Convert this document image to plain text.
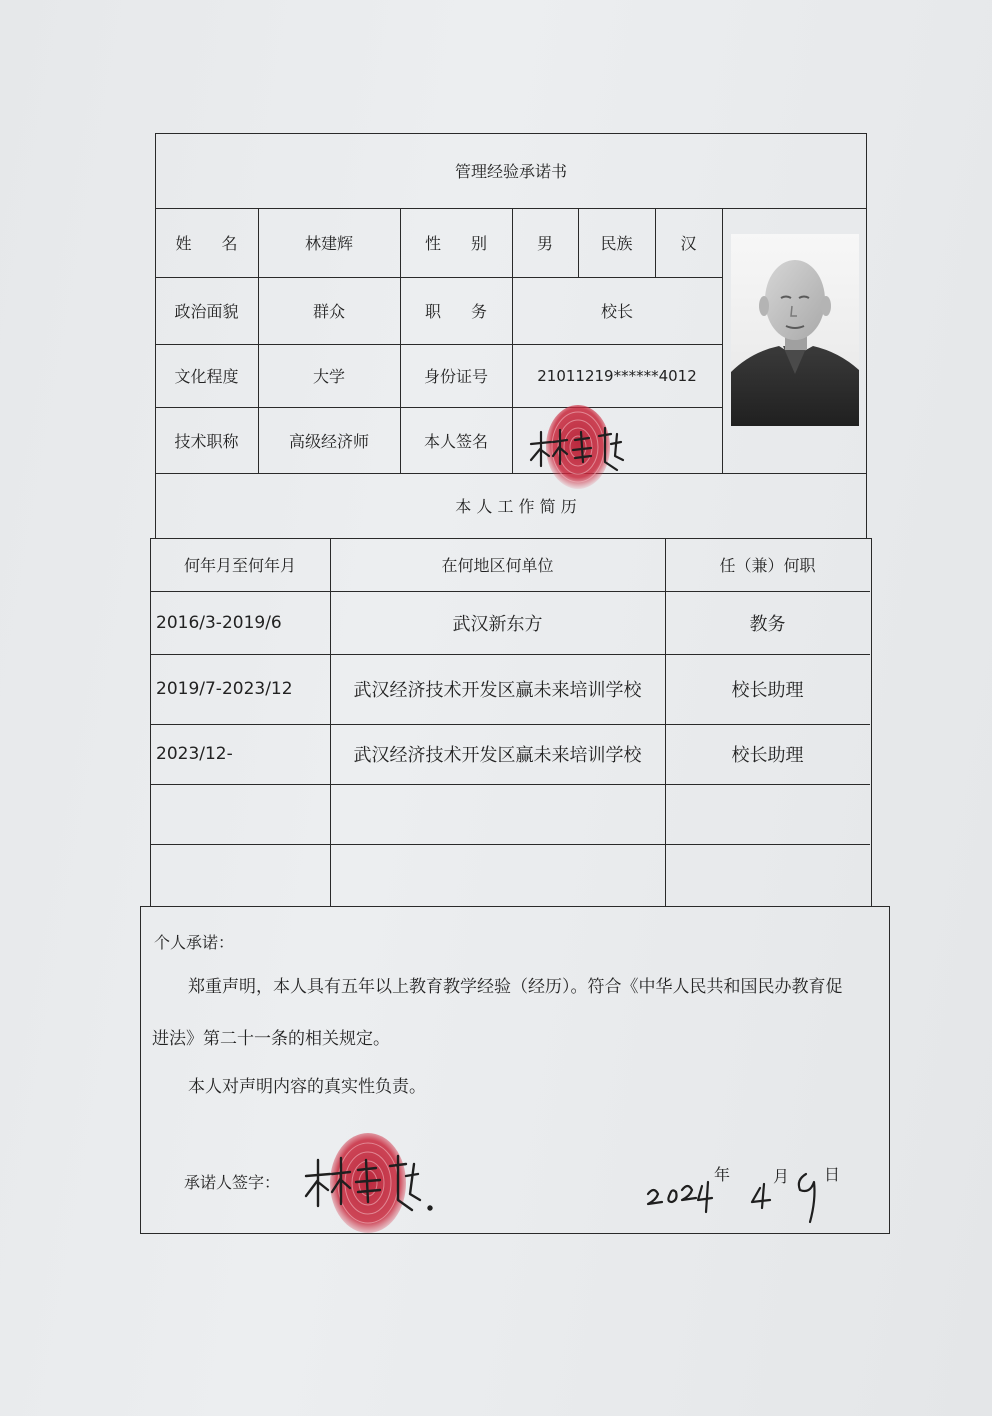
管理经验承诺书
姓名	林建辉	性别	男	民族	汉
政治面貌	群众	职务	校长
文化程度	大学	身份证号	21011219******4012
技术职称	高级经济师	本人签名
本 人 工 作 简 历
何年月至何年月	在何地区何单位	任（兼）何职
2016/3-2019/6	武汉新东方	教务
2019/7-2023/12	武汉经济技术开发区赢未来培训学校	校长助理
2023/12-	武汉经济技术开发区赢未来培训学校	校长助理
个人承诺：
郑重声明，本人具有五年以上教育教学经验（经历）。符合《中华人民共和国民办教育促
进法》第二十一条的相关规定。
本人对声明内容的真实性负责。
承诺人签字：	年	月 日
